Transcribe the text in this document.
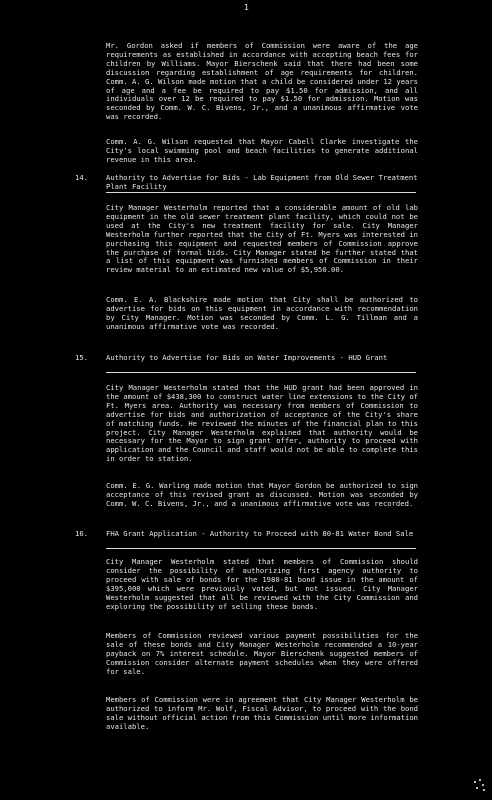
1
Mr. Gordon asked if members of Commission were aware of the age requirements as established in accordance with accepting beach fees for children by Williams. Mayor Bierschenk said that there had been some discussion regarding establishment of age requirements for children. Comm. A. G. Wilson made motion that a child be considered under 12 years of age and a fee be required to pay $1.50 for admission, and all individuals over 12 be required to pay $1.50 for admission. Motion was seconded by Comm. W. C. Bivens, Jr., and a unanimous affirmative vote was recorded.
Comm. A. G. Wilson requested that Mayor Cabell Clarke investigate the City's local swimming pool and beach facilities to generate additional revenue in this area.
14.	Authority to Advertise for Bids - Lab Equipment from Old Sewer Treatment Plant Facility
City Manager Westerholm reported that a considerable amount of old lab equipment in the old sewer treatment plant facility, which could not be used at the City's new treatment facility for sale. City Manager Westerholm further reported that the City of Ft. Myers was interested in purchasing this equipment and requested members of Commission approve the purchase of formal bids. City Manager stated he further stated that a list of this equipment was furnished members of Commission in their review material to an estimated new value of $5,950.00.
Comm. E. A. Blackshire made motion that City shall be authorized to advertise for bids on this equipment in accordance with recommendation by City Manager. Motion was seconded by Comm. L. G. Tillman and a unanimous affirmative vote was recorded.
15.	Authority to Advertise for Bids on Water Improvements - HUD Grant
City Manager Westerholm stated that the HUD grant had been approved in the amount of $438,300 to construct water line extensions to the City of Ft. Myers area. Authority was necessary from members of Commission to advertise for bids and authorization of acceptance of the City's share of matching funds. He reviewed the minutes of the financial plan to this project. City Manager Westerholm explained that authority would be necessary for the Mayor to sign grant offer, authority to proceed with application and the Council and staff would not be able to complete this in order to station.
Comm. E. G. Warling made motion that Mayor Gordon be authorized to sign acceptance of this revised grant as discussed. Motion was seconded by Comm. W. C. Bivens, Jr., and a unanimous affirmative vote was recorded.
16.	FHA Grant Application - Authority to Proceed with 80-81 Water Bond Sale
City Manager Westerholm stated that members of Commission should consider the possibility of authorizing first agency authority to proceed with sale of bonds for the 1980-81 bond issue in the amount of $395,000 which were previously voted, but not issued. City Manager Westerholm suggested that all be reviewed with the City Commission and exploring the possibility of selling these bonds.
Members of Commission reviewed various payment possibilities for the sale of these bonds and City Manager Westerholm recommended a 10-year payback on 7% interest schedule. Mayor Bierschenk suggested members of Commission consider alternate payment schedules when they were offered for sale.
Members of Commission were in agreement that City Manager Westerholm be authorized to inform Mr. Wolf, Fiscal Advisor, to proceed with the bond sale without official action from this Commission until more information available.
